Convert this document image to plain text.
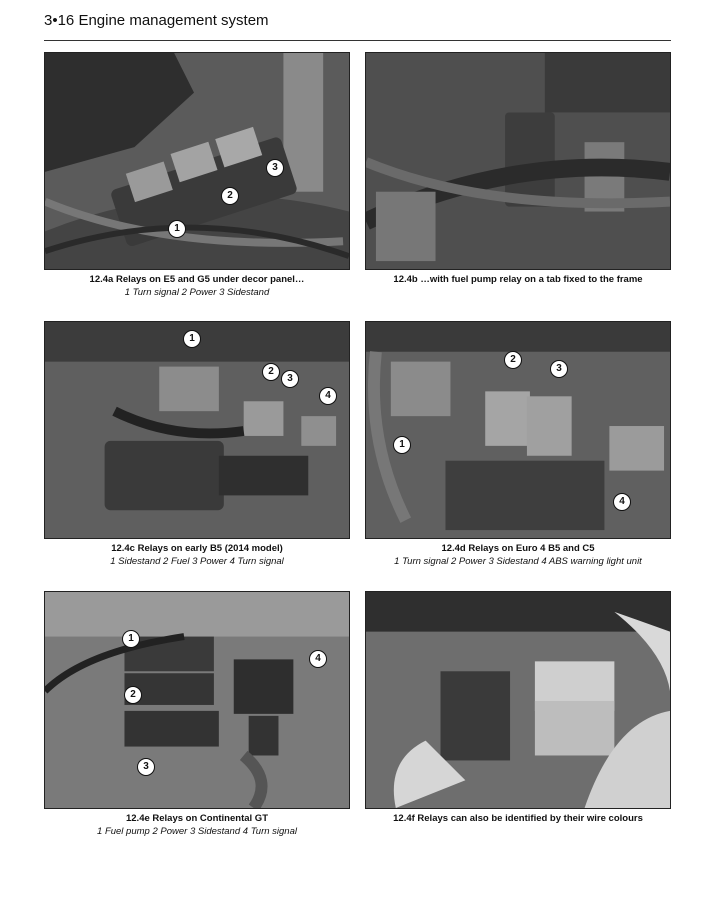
3•16 Engine management system
1
2
3
12.4a Relays on E5 and G5 under decor panel…
1 Turn signal 2 Power 3 Sidestand
12.4b …with fuel pump relay on a tab fixed to the frame
1
2
3
4
12.4c Relays on early B5 (2014 model)
1 Sidestand 2 Fuel 3 Power 4 Turn signal
1
2
3
4
12.4d Relays on Euro 4 B5 and C5
1 Turn signal 2 Power 3 Sidestand 4 ABS warning light unit
1
2
3
4
12.4e Relays on Continental GT
1 Fuel pump 2 Power 3 Sidestand 4 Turn signal
12.4f Relays can also be identified by their wire colours
